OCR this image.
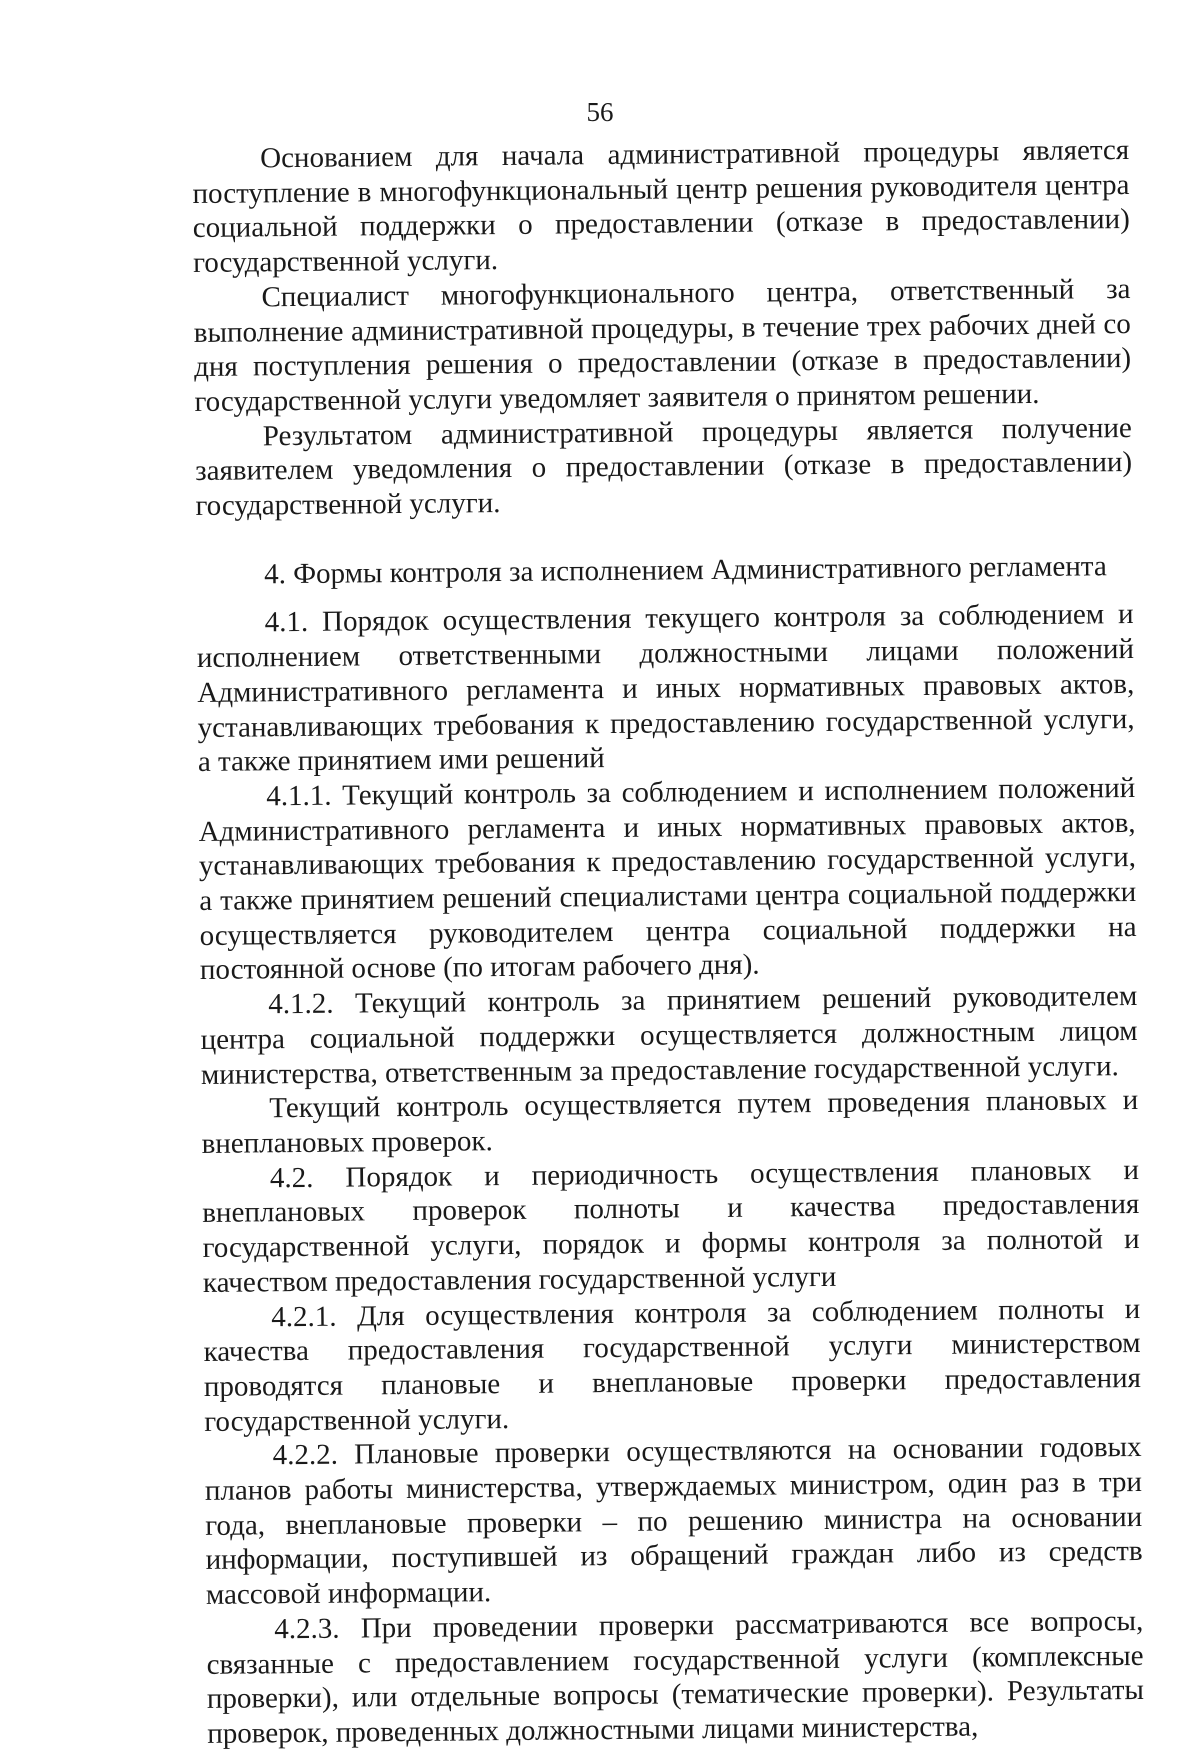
56

Основанием для начала административной процедуры является поступление в многофункциональный центр решения руководителя центра социальной поддержки о предоставлении (отказе в предоставлении) государственной услуги.

Специалист многофункционального центра, ответственный за выполнение административной процедуры, в течение трех рабочих дней со дня поступления решения о предоставлении (отказе в предоставлении) государственной услуги уведомляет заявителя о принятом решении.

Результатом административной процедуры является получение заявителем уведомления о предоставлении (отказе в предоставлении) государственной услуги.

4. Формы контроля за исполнением Административного регламента

4.1. Порядок осуществления текущего контроля за соблюдением и исполнением ответственными должностными лицами положений Административного регламента и иных нормативных правовых актов, устанавливающих требования к предоставлению государственной услуги, а также принятием ими решений

4.1.1. Текущий контроль за соблюдением и исполнением положений Административного регламента и иных нормативных правовых актов, устанавливающих требования к предоставлению государственной услуги, а также принятием решений специалистами центра социальной поддержки осуществляется руководителем центра социальной поддержки на постоянной основе (по итогам рабочего дня).

4.1.2. Текущий контроль за принятием решений руководителем центра социальной поддержки осуществляется должностным лицом министерства, ответственным за предоставление государственной услуги.

Текущий контроль осуществляется путем проведения плановых и внеплановых проверок.

4.2. Порядок и периодичность осуществления плановых и внеплановых проверок полноты и качества предоставления государственной услуги, порядок и формы контроля за полнотой и качеством предоставления государственной услуги

4.2.1. Для осуществления контроля за соблюдением полноты и качества предоставления государственной услуги министерством проводятся плановые и внеплановые проверки предоставления государственной услуги.

4.2.2. Плановые проверки осуществляются на основании годовых планов работы министерства, утверждаемых министром, один раз в три года, внеплановые проверки – по решению министра на основании информации, поступившей из обращений граждан либо из средств массовой информации.

4.2.3. При проведении проверки рассматриваются все вопросы, связанные с предоставлением государственной услуги (комплексные проверки), или отдельные вопросы (тематические проверки). Результаты проверок, проведенных должностными лицами министерства,
